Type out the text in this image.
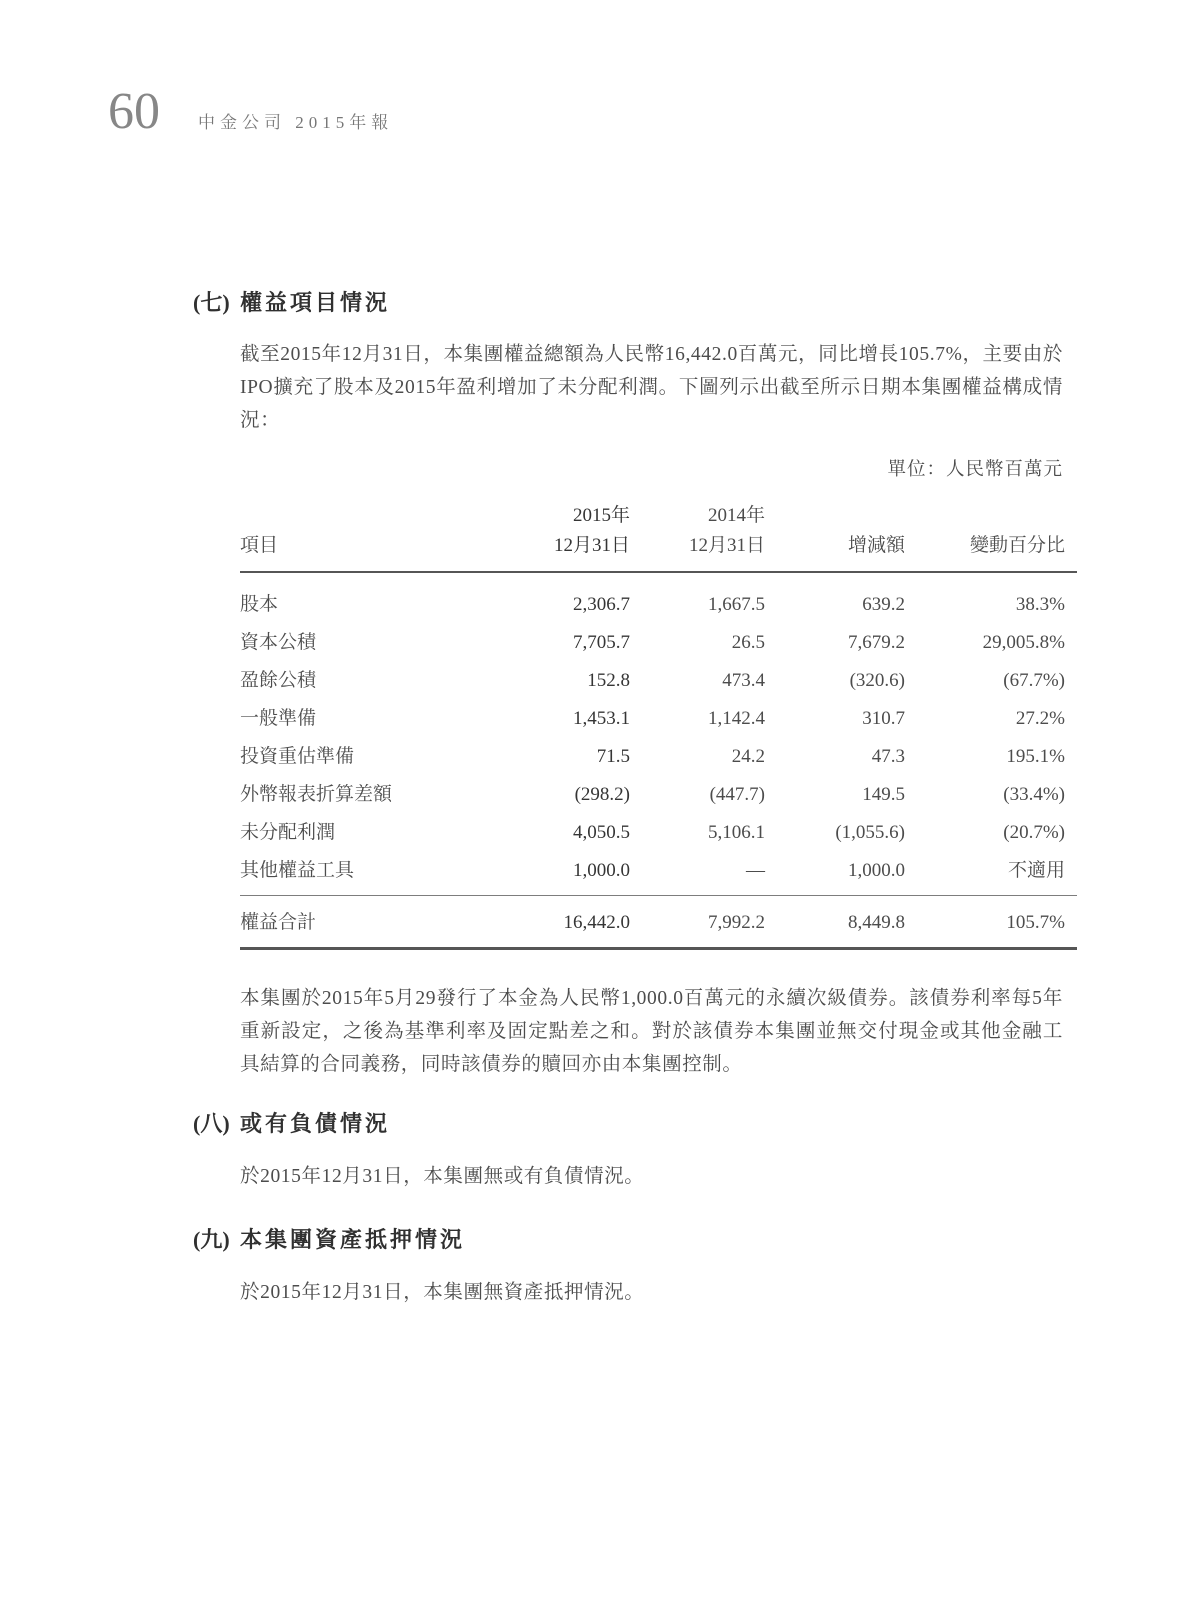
60 中金公司 2015年報
(七) 權益項目情況
截至2015年12月31日，本集團權益總額為人民幣16,442.0百萬元，同比增長105.7%，主要由於IPO擴充了股本及2015年盈利增加了未分配利潤。下圖列示出截至所示日期本集團權益構成情況：
單位：人民幣百萬元
	2015年	2014年		
項目	12月31日	12月31日	增減額	變動百分比
股本	2,306.7	1,667.5	639.2	38.3%
資本公積	7,705.7	26.5	7,679.2	29,005.8%
盈餘公積	152.8	473.4	(320.6)	(67.7%)
一般準備	1,453.1	1,142.4	310.7	27.2%
投資重估準備	71.5	24.2	47.3	195.1%
外幣報表折算差額	(298.2)	(447.7)	149.5	(33.4%)
未分配利潤	4,050.5	5,106.1	(1,055.6)	(20.7%)
其他權益工具	1,000.0	—	1,000.0	不適用
權益合計	16,442.0	7,992.2	8,449.8	105.7%
本集團於2015年5月29發行了本金為人民幣1,000.0百萬元的永續次級債券。該債券利率每5年重新設定，之後為基準利率及固定點差之和。對於該債券本集團並無交付現金或其他金融工具結算的合同義務，同時該債券的贖回亦由本集團控制。
(八) 或有負債情況
於2015年12月31日，本集團無或有負債情況。
(九) 本集團資產抵押情況
於2015年12月31日，本集團無資產抵押情況。
